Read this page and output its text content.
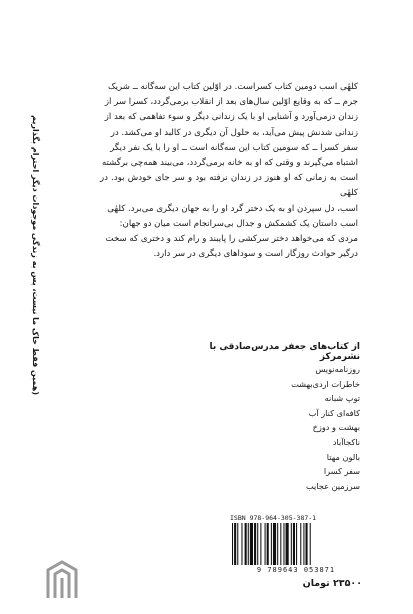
کلهٔی اسب دومین کتاب کسراست. در اوّلین کتاب این سه‌گانه ــ شریک
جرم ــ که به وقایع اوّلین سال‌های بعد از انقلاب برمی‌گردد، کسرا سر از
زندان درمی‌آورد و آشنایی او با یک زندانی دیگر و سوء تفاهمی که بعد از
زندانی شدنش پیش می‌آید، به حلول آن دیگری در کالبد او می‌کشد. در
سفر کسرا ــ که سومین کتاب این سه‌گانه است ــ او را با یک نفر دیگر
اشتباه می‌گیرند و وقتی که او به خانه برمی‌گردد، می‌بیند همه‌چی برگشته
است به زمانی که او هنوز در زندان نرفته بود و سر جای خودش بود. در کلهٔی
اسب، دل سپردن او به یک دختر گرد او را به جهان دیگری می‌برد. کلهٔی
اسب داستان یک کشمکش و جدال بی‌سرانجام است میان دو جهان:
مردی که می‌خواهد دختر سرکشی را پایبند و رام کند و دختری که سخت
درگیر حوادث روزگار است و سوداهای دیگری در سر دارد.
(همین فقط خاک ما نیست، پس به زندگی موجودات دیگر احترام بگذاریم	از کتاب‌های جعفر مدرس‌صادقی با نشرمرکز
روزنامه‌نویس
خاطرات اردی‌بهشت
توپ شبانه
کافه‌ای کنار آب
بهشت و دوزخ
ناکجاآباد
بالون مهتا
سفر کسرا
سرزمین عجایب
ISBN 978-964-305-387-1
9 789643 053871
۲۳۵۰۰ تومان
